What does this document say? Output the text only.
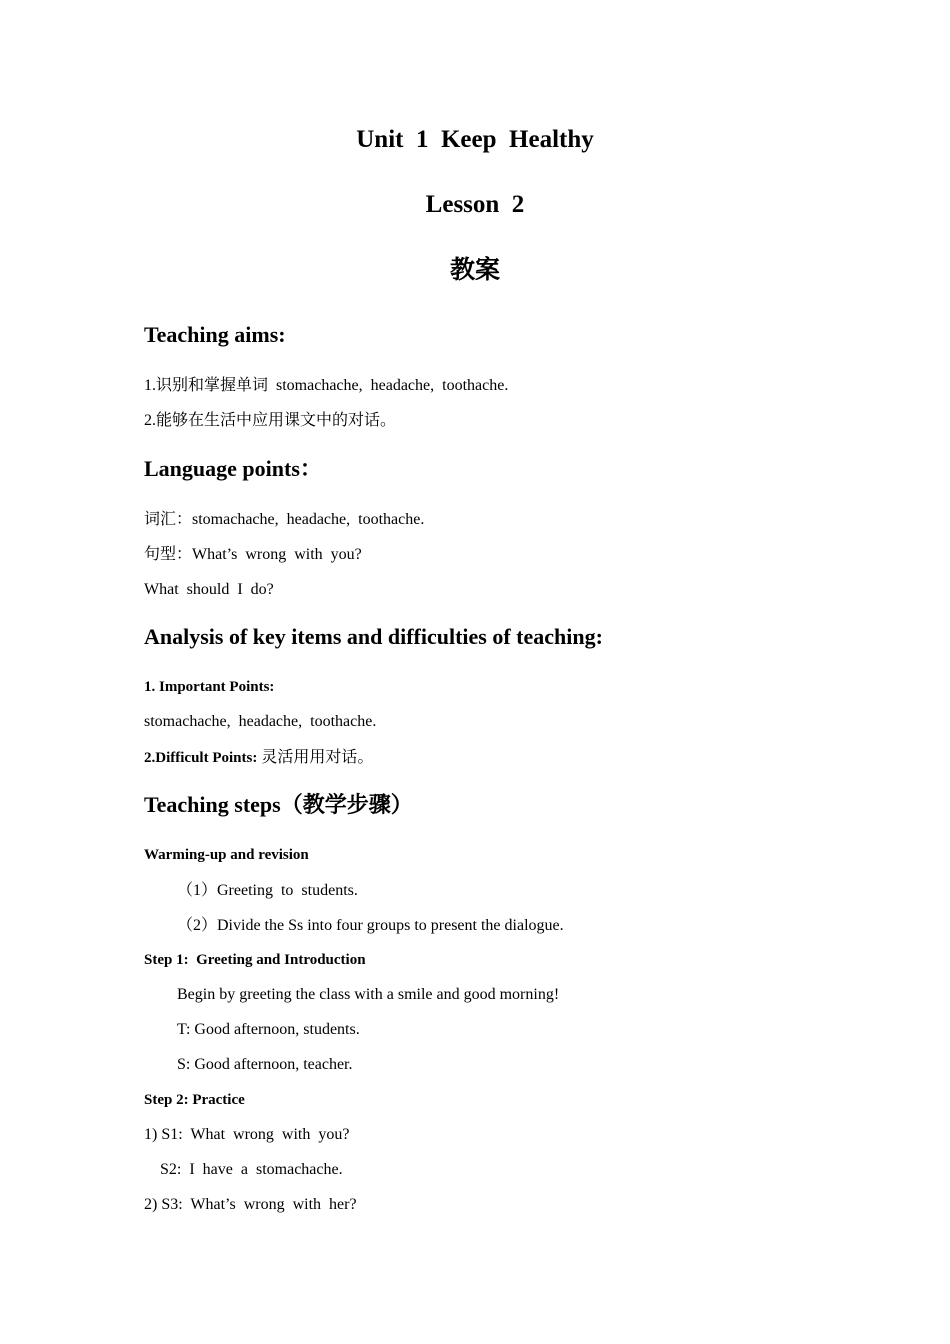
Unit  1  Keep  Healthy
Lesson  2
教案
Teaching aims:
1.识别和掌握单词  stomachache,  headache,  toothache.
2.能够在生活中应用课文中的对话。
Language points：
词汇：stomachache,  headache,  toothache.
句型：What’s  wrong  with  you?
What  should  I  do?
Analysis of key items and difficulties of teaching:
1. Important Points:
stomachache,  headache,  toothache.
2.Difficult Points: 灵活用用对话。
Teaching steps（教学步骤）
Warming-up and revision
（1）Greeting  to  students.
（2）Divide the Ss into four groups to present the dialogue.
Step 1:  Greeting and Introduction
Begin by greeting the class with a smile and good morning!
T: Good afternoon, students.
S: Good afternoon, teacher.
Step 2: Practice
1) S1:  What  wrong  with  you?
S2:  I  have  a  stomachache.
2) S3:  What’s  wrong  with  her?
